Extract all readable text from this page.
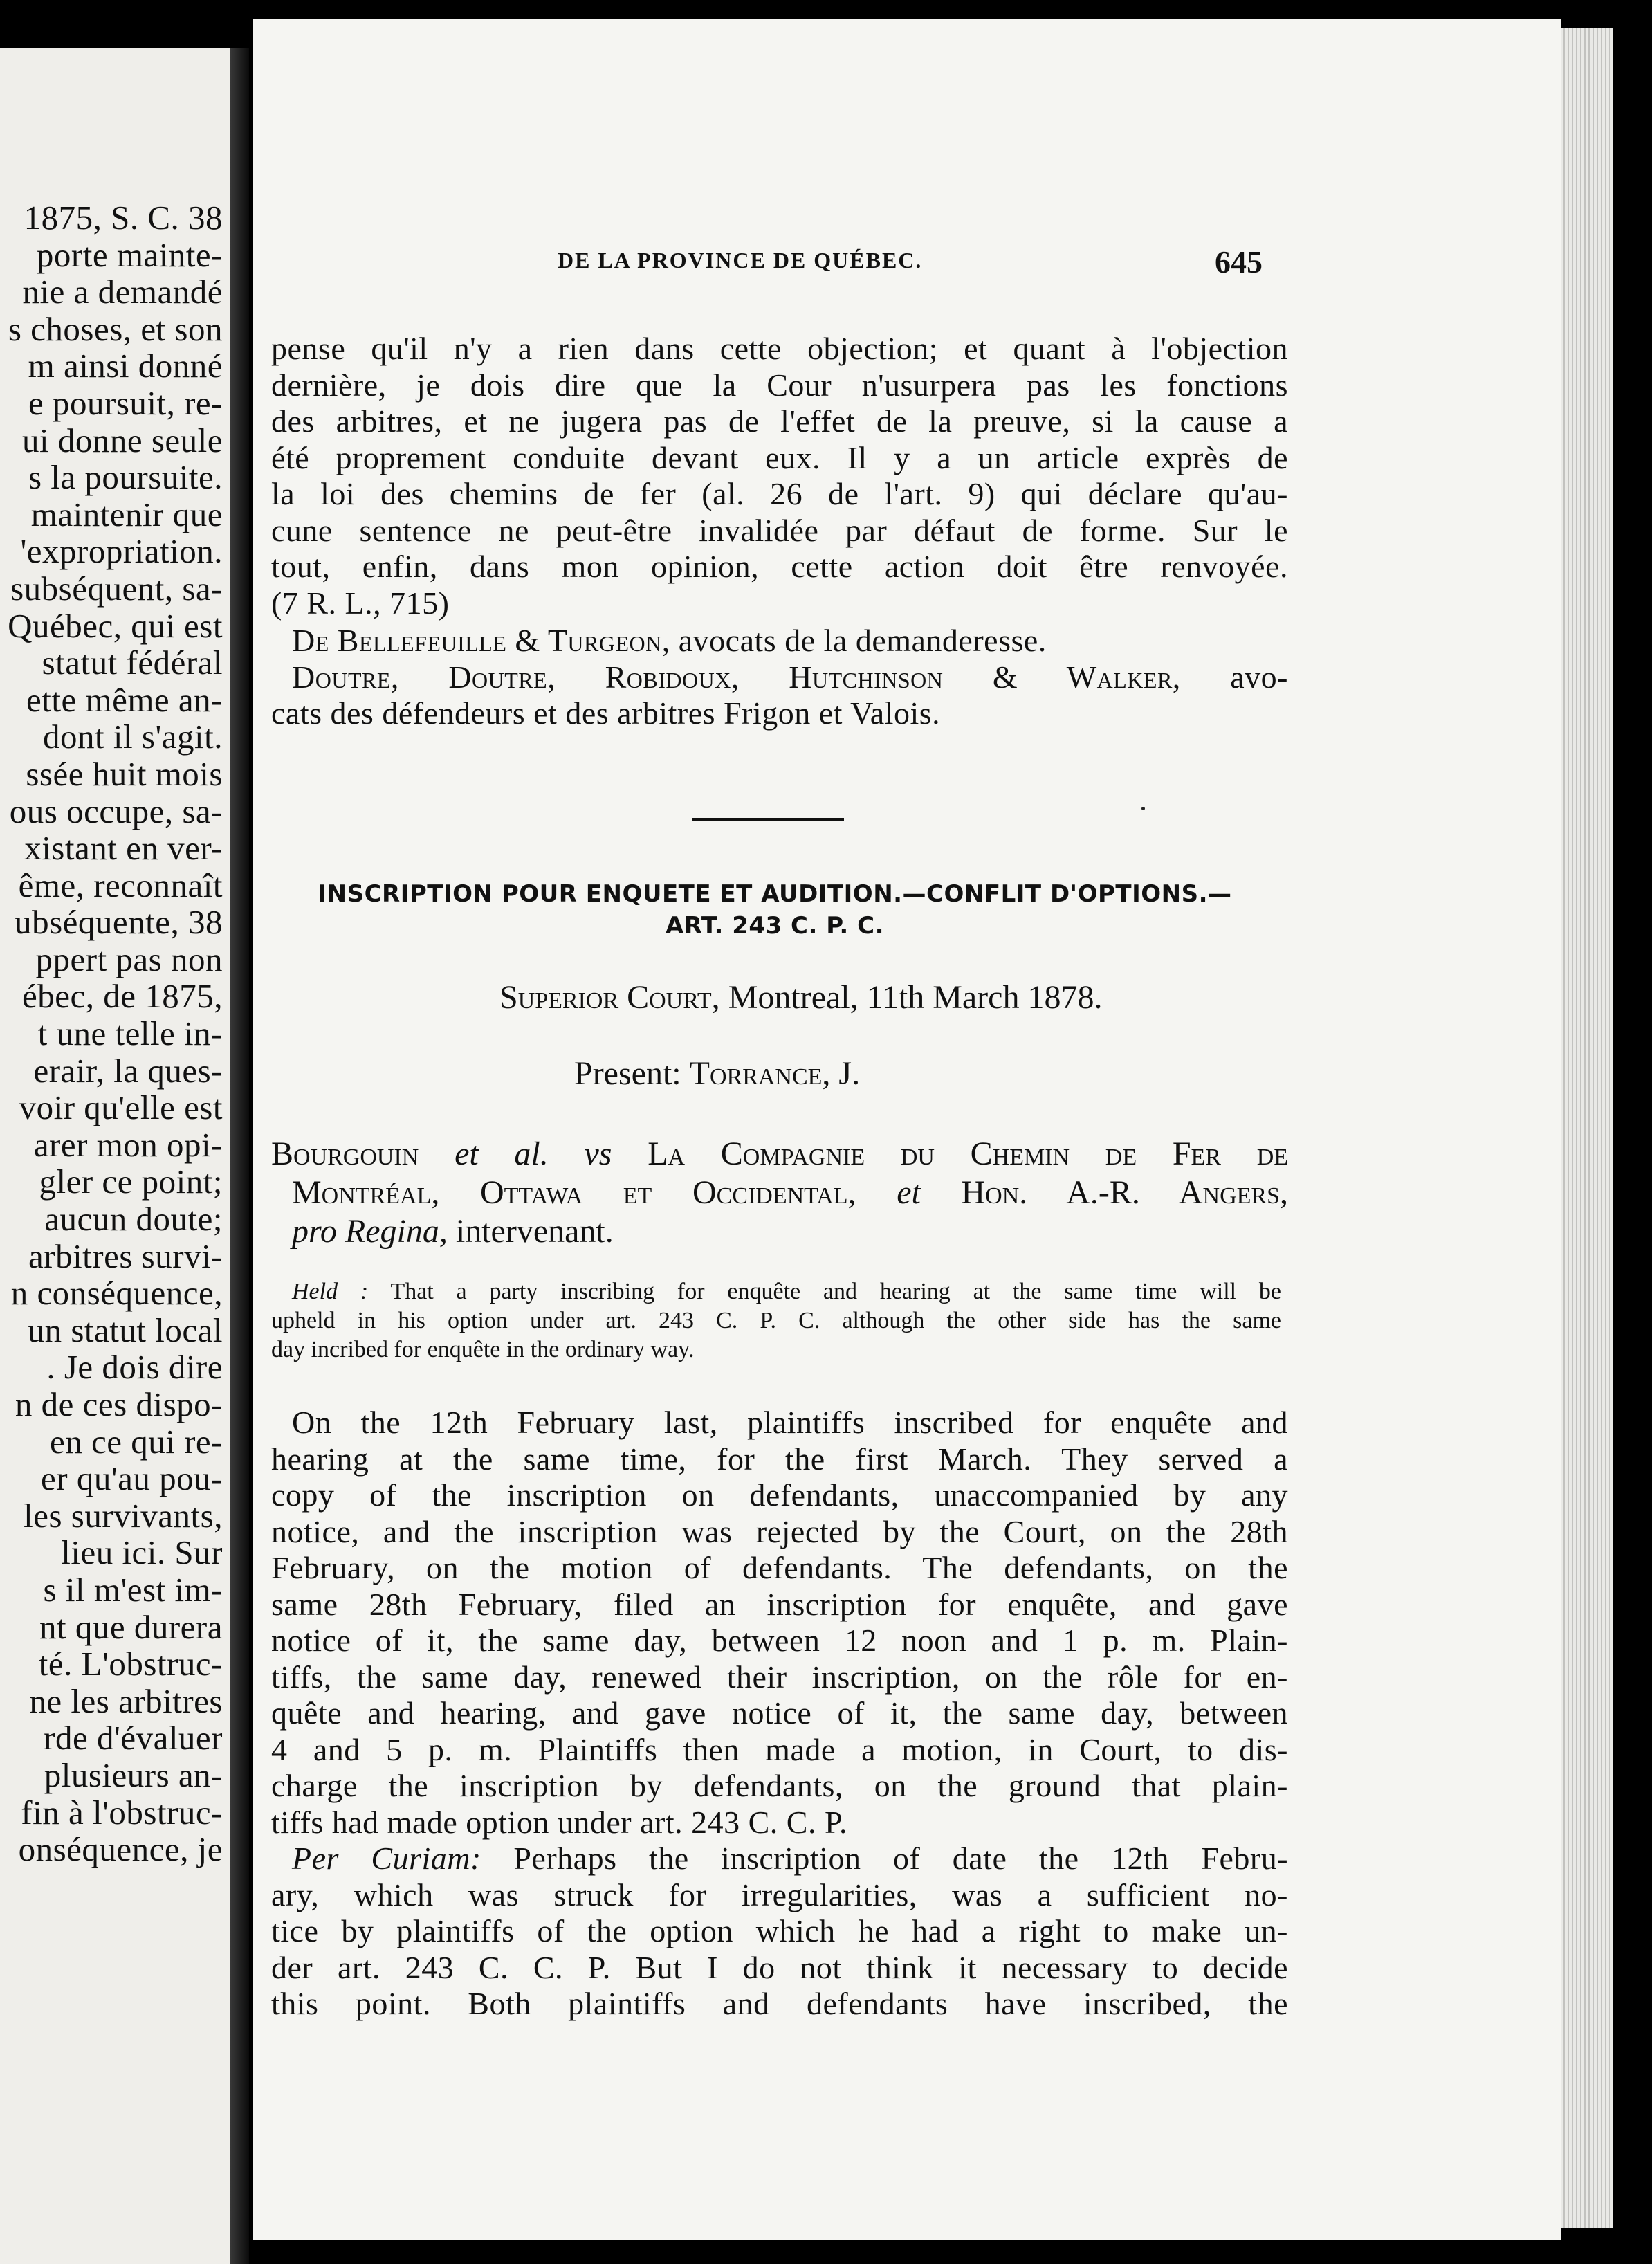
1875, S. C. 38
porte mainte-
nie a demandé
s choses, et son
m ainsi donné
e poursuit, re-
ui donne seule
s la poursuite.
maintenir que
'expropriation.
subséquent, sa-
Québec, qui est
statut fédéral
ette même an-
dont il s'agit.
ssée huit mois
ous occupe, sa-
xistant en ver-
ême, reconnaît
ubséquente, 38
ppert pas non
ébec, de 1875,
t une telle in-
erair, la ques-
voir qu'elle est
arer mon opi-
gler ce point;
aucun doute;
arbitres survi-
n conséquence,
un statut local
. Je dois dire
n de ces dispo-
en ce qui re-
er qu'au pou-
les survivants,
lieu ici. Sur
s il m'est im-
nt que durera
té. L'obstruc-
ne les arbitres
rde d'évaluer
plusieurs an-
fin à l'obstruc-
onséquence, je
DE LA PROVINCE DE QUÉBEC.	645
pense qu'il n'y a rien dans cette objection; et quant à l'objection
dernière, je dois dire que la Cour n'usurpera pas les fonctions
des arbitres, et ne jugera pas de l'effet de la preuve, si la cause a
été proprement conduite devant eux. Il y a un article exprès de
la loi des chemins de fer (al. 26 de l'art. 9) qui déclare qu'au-
cune sentence ne peut-être invalidée par défaut de forme. Sur le
tout, enfin, dans mon opinion, cette action doit être renvoyée.
(7 R. L., 715)
De Bellefeuille & Turgeon, avocats de la demanderesse.
Doutre, Doutre, Robidoux, Hutchinson & Walker, avo-
cats des défendeurs et des arbitres Frigon et Valois.
INSCRIPTION POUR ENQUETE ET AUDITION.—CONFLIT D'OPTIONS.—
ART. 243 C. P. C.
Superior Court, Montreal, 11th March 1878.
Present: Torrance, J.
Bourgouin et al. vs La Compagnie du Chemin de Fer de
Montréal, Ottawa et Occidental, et Hon. A.-R. Angers,
pro Regina, intervenant.
Held : That a party inscribing for enquête and hearing at the same time will be
upheld in his option under art. 243 C. P. C. although the other side has the same
day incribed for enquête in the ordinary way.
On the 12th February last, plaintiffs inscribed for enquête and
hearing at the same time, for the first March. They served a
copy of the inscription on defendants, unaccompanied by any
notice, and the inscription was rejected by the Court, on the 28th
February, on the motion of defendants. The defendants, on the
same 28th February, filed an inscription for enquête, and gave
notice of it, the same day, between 12 noon and 1 p. m. Plain-
tiffs, the same day, renewed their inscription, on the rôle for en-
quête and hearing, and gave notice of it, the same day, between
4 and 5 p. m. Plaintiffs then made a motion, in Court, to dis-
charge the inscription by defendants, on the ground that plain-
tiffs had made option under art. 243 C. C. P.
Per Curiam: Perhaps the inscription of date the 12th Febru-
ary, which was struck for irregularities, was a sufficient no-
tice by plaintiffs of the option which he had a right to make un-
der art. 243 C. C. P. But I do not think it necessary to decide
this point. Both plaintiffs and defendants have inscribed, the
